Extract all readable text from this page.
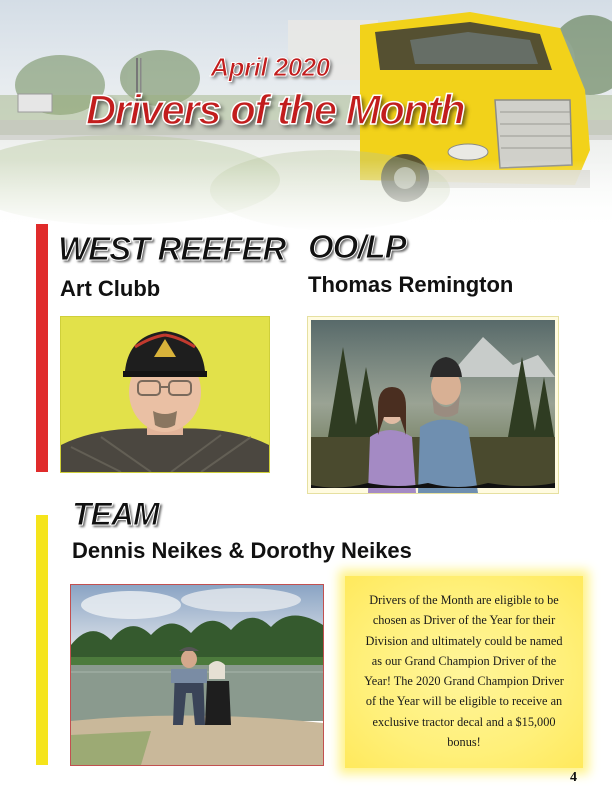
April 2020
Drivers of the Month
WEST REEFER
Art Clubb
OO/LP
Thomas Remington
TEAM
Dennis Neikes & Dorothy Neikes

Drivers of the Month are eligible to be chosen as Driver of the Year for their Division and ultimately could be named as our Grand Champion Driver of the Year! The 2020 Grand Champion Driver of the Year will be eligible to receive an exclusive tractor decal and a $15,000 bonus!

4
